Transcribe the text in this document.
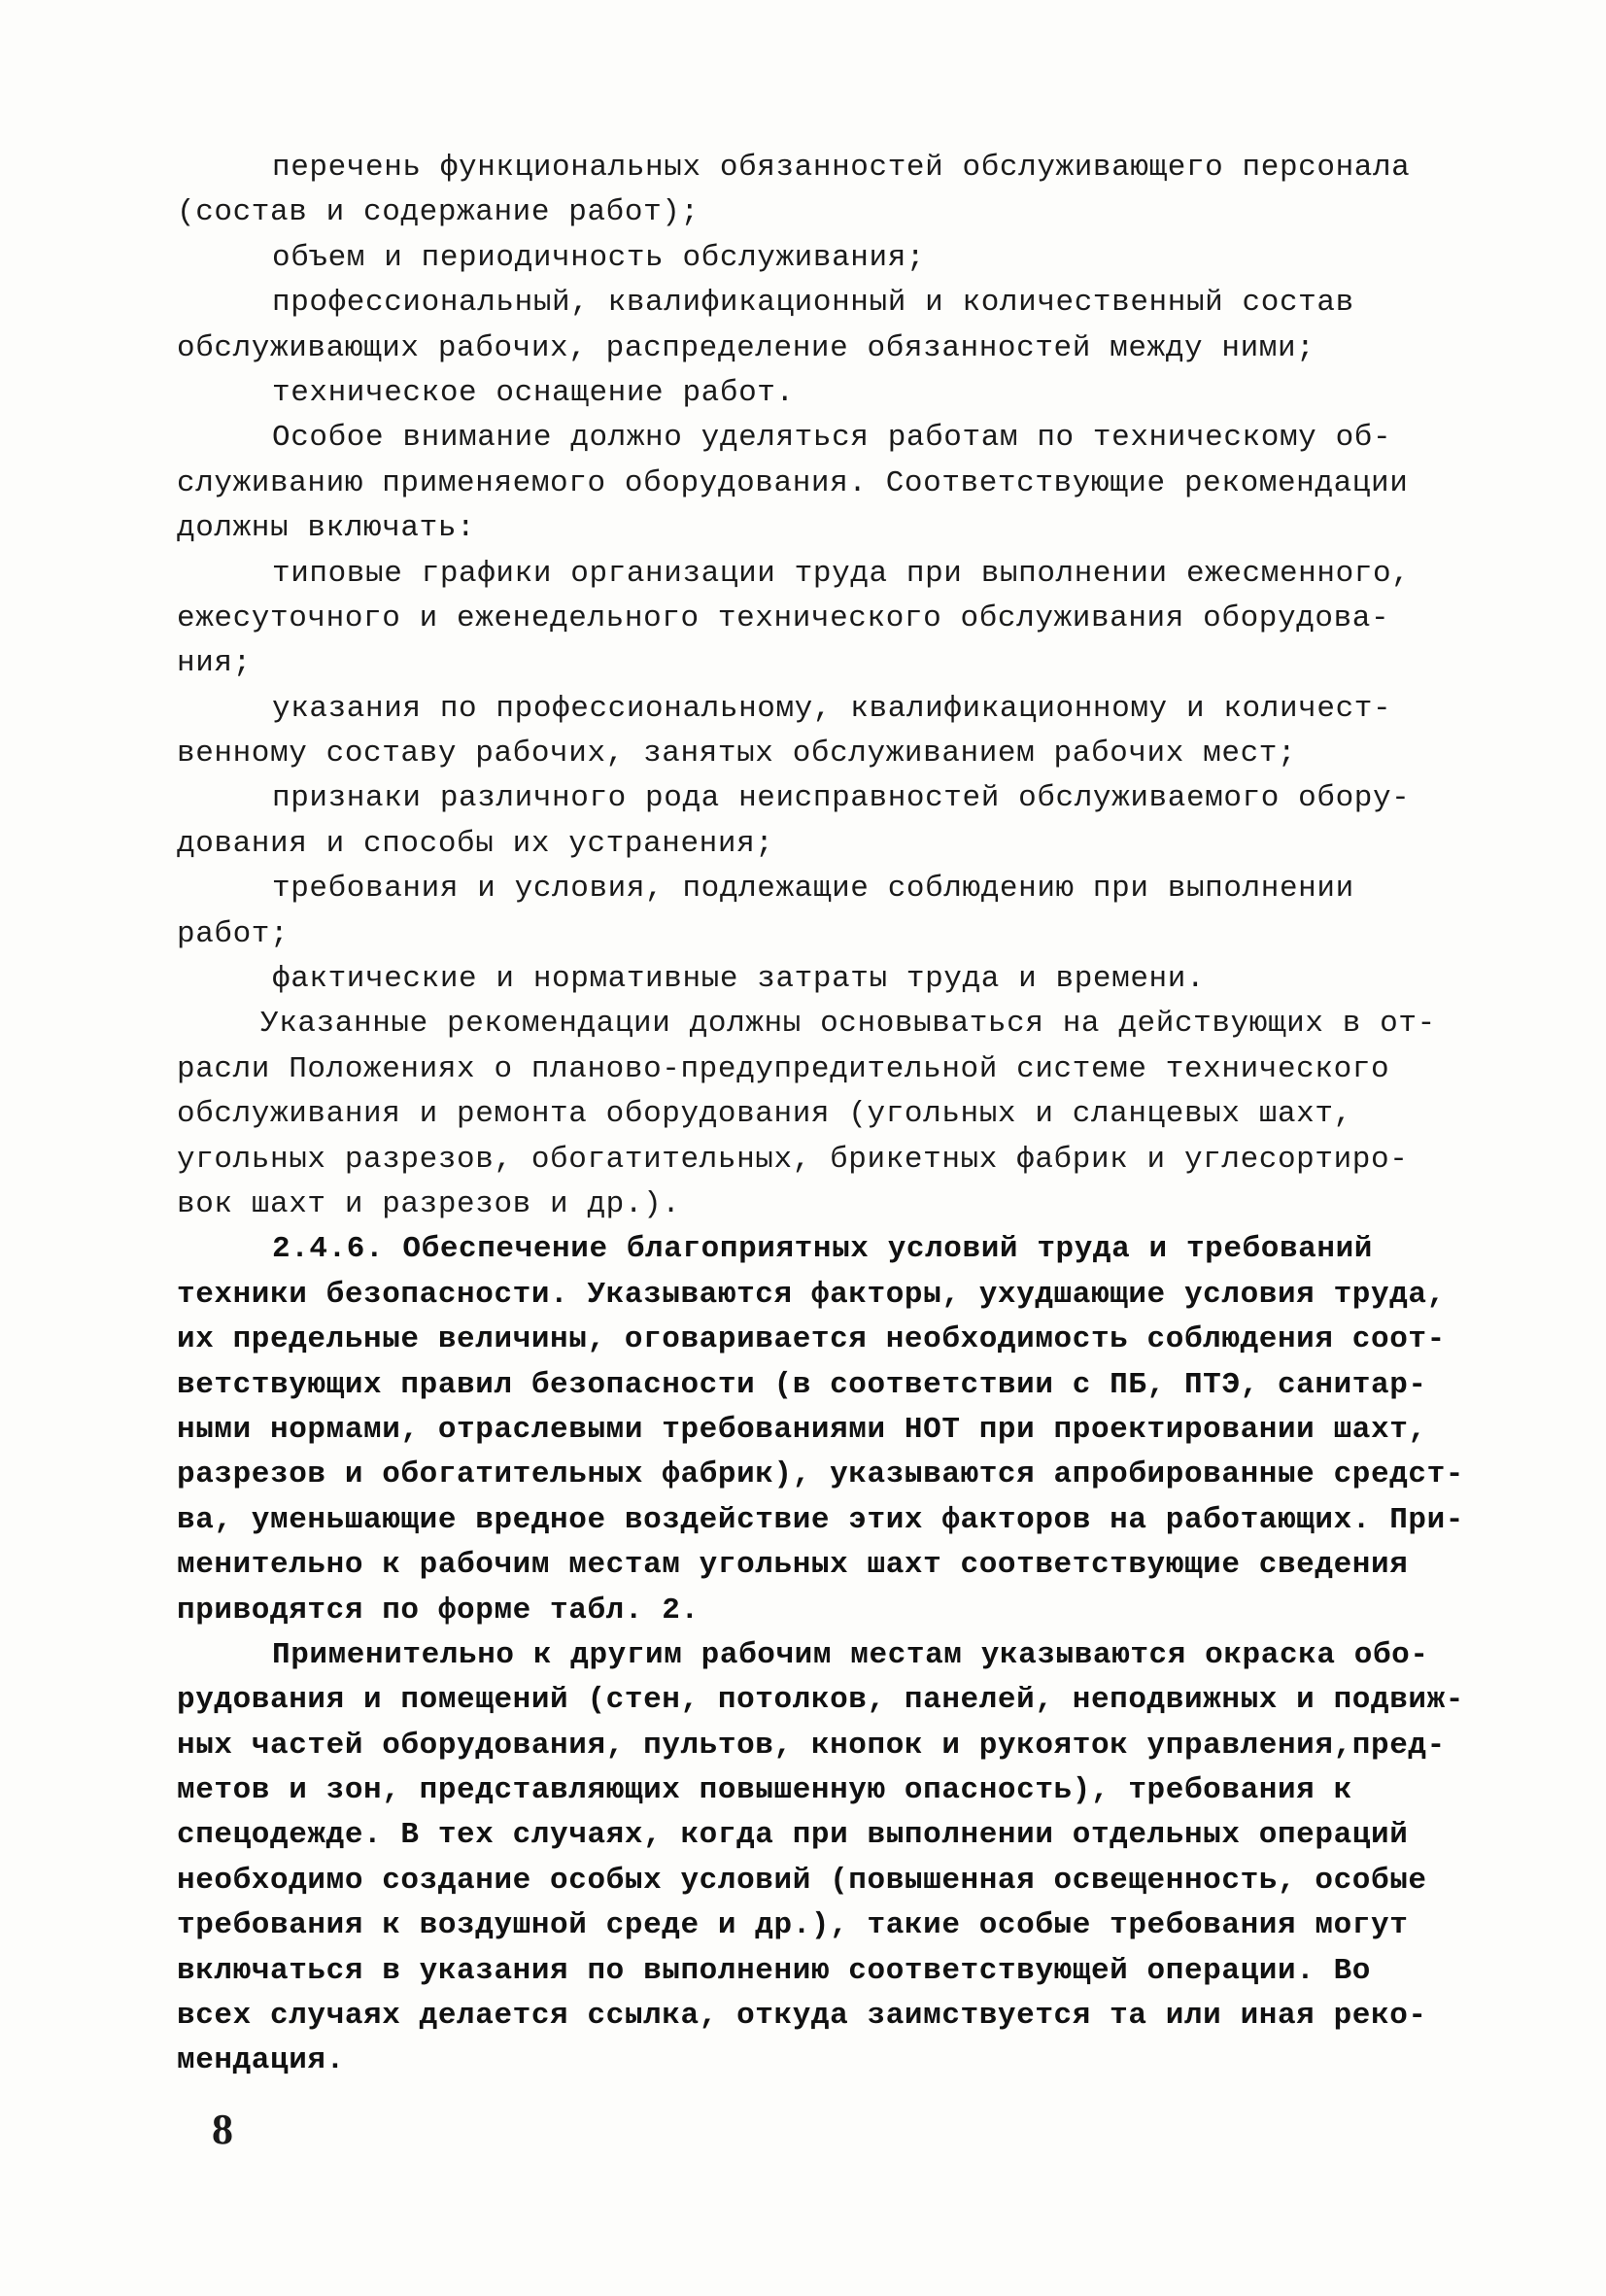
перечень функциональных обязанностей обслуживающего персонала
(состав и содержание работ);
объем и периодичность обслуживания;
профессиональный, квалификационный и количественный состав
обслуживающих рабочих, распределение обязанностей между ними;
техническое оснащение работ.
Особое внимание должно уделяться работам по техническому об-
служиванию применяемого оборудования. Соответствующие рекомендации
должны включать:
типовые графики организации труда при выполнении ежесменного,
ежесуточного и еженедельного технического обслуживания оборудова-
ния;
указания по профессиональному, квалификационному и количест-
венному составу рабочих, занятых обслуживанием рабочих мест;
признаки различного рода неисправностей обслуживаемого обору-
дования и способы их устранения;
требования и условия, подлежащие соблюдению при выполнении
работ;
фактические и нормативные затраты труда и времени.
Указанные рекомендации должны основываться на действующих в от-
расли Положениях о планово-предупредительной системе технического
обслуживания и ремонта оборудования (угольных и сланцевых шахт,
угольных разрезов, обогатительных, брикетных фабрик и углесортиро-
вок шахт и разрезов и др.).
2.4.6. Обеспечение благоприятных условий труда и требований
техники безопасности. Указываются факторы, ухудшающие условия труда,
их предельные величины, оговаривается необходимость соблюдения соот-
ветствующих правил безопасности (в соответствии с ПБ, ПТЭ, санитар-
ными нормами, отраслевыми требованиями НОТ при проектировании шахт,
разрезов и обогатительных фабрик), указываются апробированные средст-
ва, уменьшающие вредное воздействие этих факторов на работающих. При-
менительно к рабочим местам угольных шахт соответствующие сведения
приводятся по форме табл. 2.
Применительно к другим рабочим местам указываются окраска обо-
рудования и помещений (стен, потолков, панелей, неподвижных и подвиж-
ных частей оборудования, пультов, кнопок и рукояток управления,пред-
метов и зон, представляющих повышенную опасность), требования к
спецодежде. В тех случаях, когда при выполнении отдельных операций
необходимо создание особых условий (повышенная освещенность, особые
требования к воздушной среде и др.), такие особые требования могут
включаться в указания по выполнению соответствующей операции. Во
всех случаях делается ссылка, откуда заимствуется та или иная реко-
мендация.
8
